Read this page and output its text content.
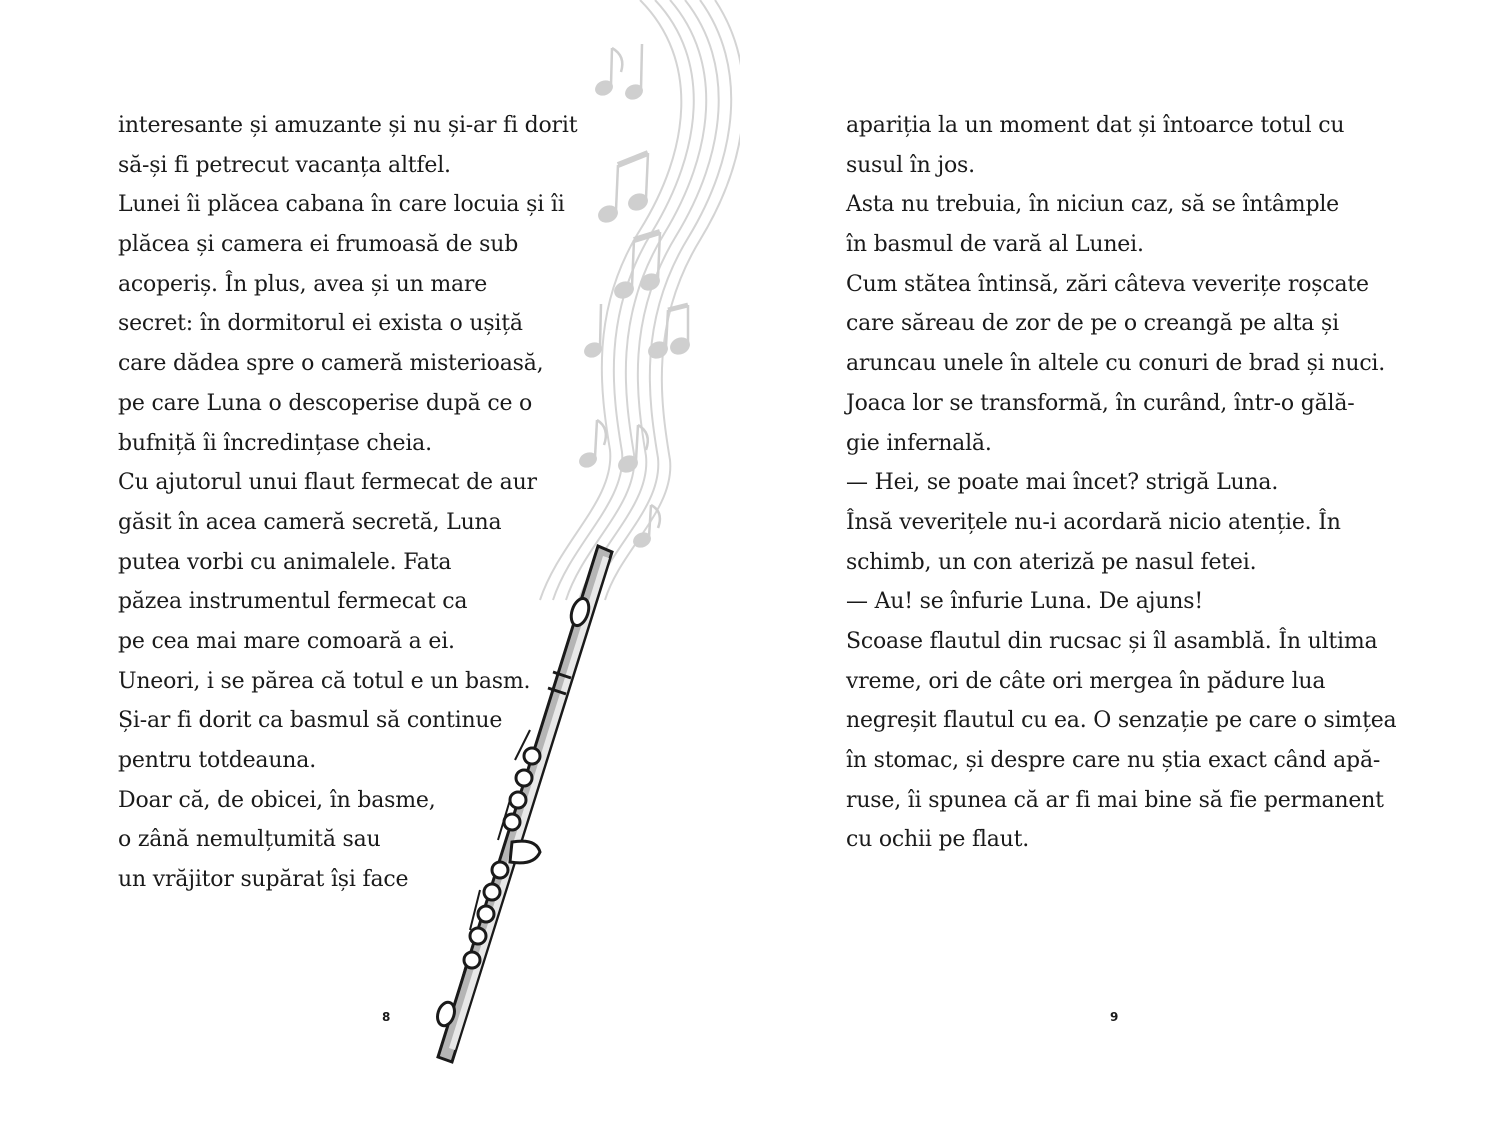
interesante și amuzante și nu și-ar fi dorit
să-și fi petrecut vacanța altfel.
Lunei îi plăcea cabana în care locuia și îi
plăcea și camera ei frumoasă de sub
acoperiș. În plus, avea și un mare
secret: în dormitorul ei exista o ușiță
care dădea spre o cameră misterioasă,
pe care Luna o descoperise după ce o
bufniță îi încredințase cheia.
Cu ajutorul unui flaut fermecat de aur
găsit în acea cameră secretă, Luna
putea vorbi cu animalele. Fata
păzea instrumentul fermecat ca
pe cea mai mare comoară a ei.
Uneori, i se părea că totul e un basm.
Și-ar fi dorit ca basmul să continue
pentru totdeauna.
Doar că, de obicei, în basme,
o zână nemulțumită sau
un vrăjitor supărat își face
8
apariția la un moment dat și întoarce totul cu
susul în jos.
Asta nu trebuia, în niciun caz, să se întâmple
în basmul de vară al Lunei.
Cum stătea întinsă, zări câteva veverițe roșcate
care săreau de zor de pe o creangă pe alta și
aruncau unele în altele cu conuri de brad și nuci.
Joaca lor se transformă, în curând, într-o gălă-
gie infernală.
— Hei, se poate mai încet? strigă Luna.
Însă veverițele nu-i acordară nicio atenție. În
schimb, un con ateriză pe nasul fetei.
— Au! se înfurie Luna. De ajuns!
Scoase flautul din rucsac și îl asamblă. În ultima
vreme, ori de câte ori mergea în pădure lua
negreșit flautul cu ea. O senzație pe care o simțea
în stomac, și despre care nu știa exact când apă-
ruse, îi spunea că ar fi mai bine să fie permanent
cu ochii pe flaut.
9
